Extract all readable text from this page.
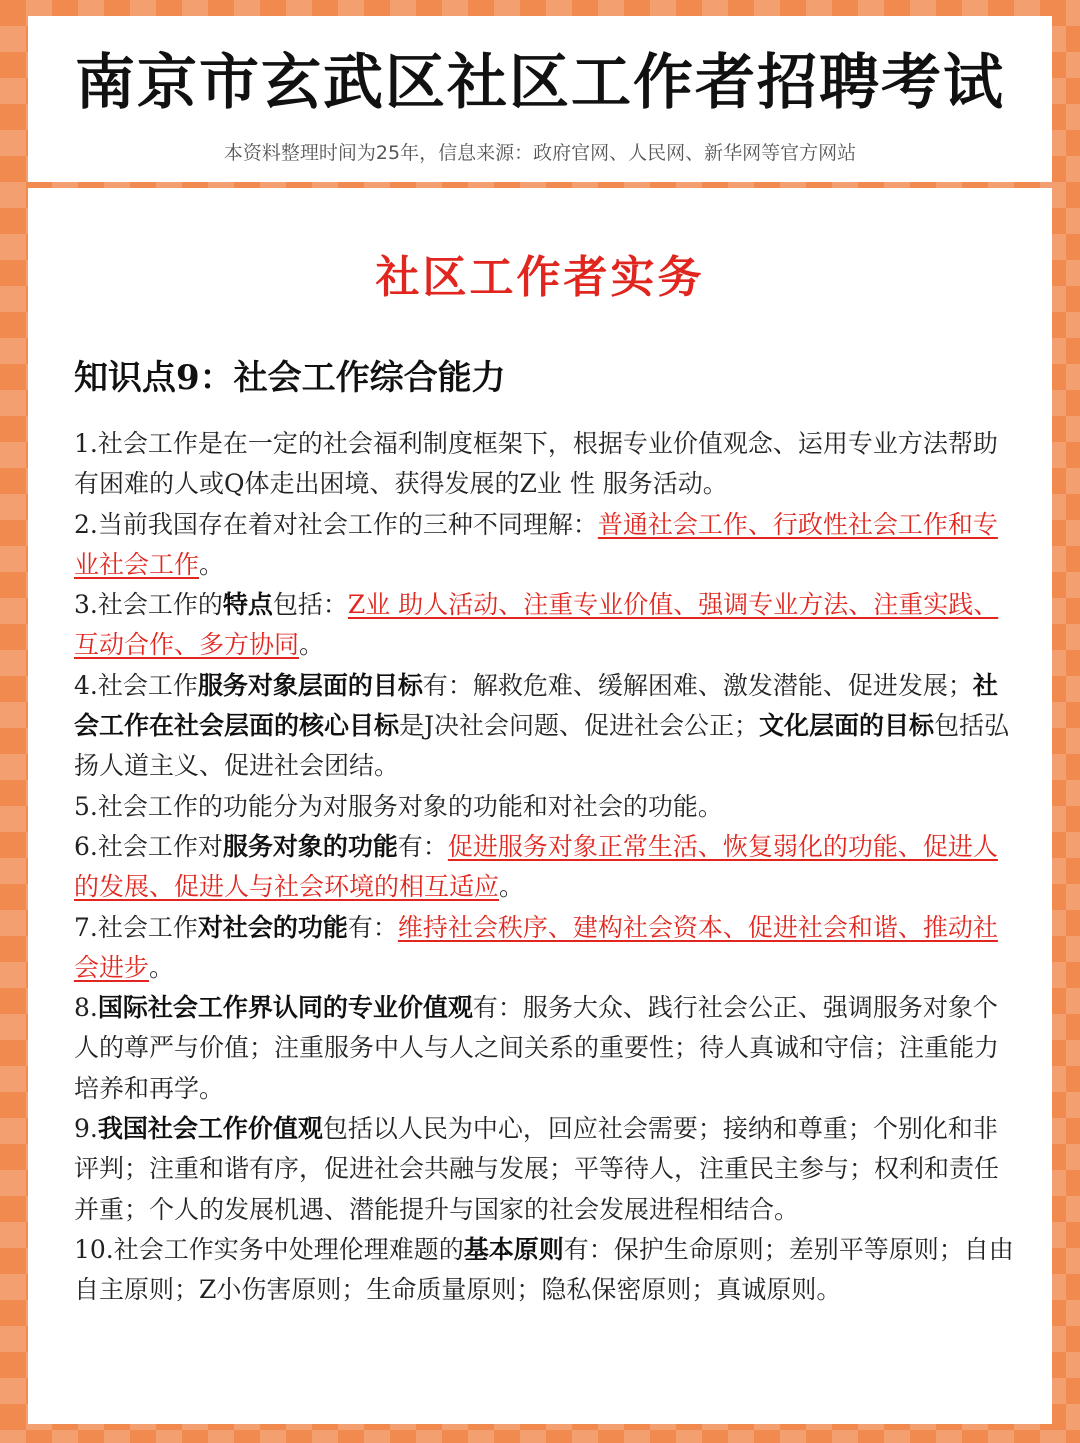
南京市玄武区社区工作者招聘考试
本资料整理时间为25年，信息来源：政府官网、人民网、新华网等官方网站
社区工作者实务
知识点9：社会工作综合能力
1.社会工作是在一定的社会福利制度框架下，根据专业价值观念、运用专业方法帮助有困难的人或Q体走出困境、获得发展的Z业 性 服务活动。
2.当前我国存在着对社会工作的三种不同理解：普通社会工作、行政性社会工作和专业社会工作。
3.社会工作的特点包括：Z业 助人活动、注重专业价值、强调专业方法、注重实践、互动合作、多方协同。
4.社会工作服务对象层面的目标有：解救危难、缓解困难、激发潜能、促进发展；社会工作在社会层面的核心目标是J决社会问题、促进社会公正；文化层面的目标包括弘扬人道主义、促进社会团结。
5.社会工作的功能分为对服务对象的功能和对社会的功能。
6.社会工作对服务对象的功能有：促进服务对象正常生活、恢复弱化的功能、促进人的发展、促进人与社会环境的相互适应。
7.社会工作对社会的功能有：维持社会秩序、建构社会资本、促进社会和谐、推动社会进步。
8.国际社会工作界认同的专业价值观有：服务大众、践行社会公正、强调服务对象个人的尊严与价值；注重服务中人与人之间关系的重要性；待人真诚和守信；注重能力培养和再学。
9.我国社会工作价值观包括以人民为中心，回应社会需要；接纳和尊重；个别化和非评判；注重和谐有序，促进社会共融与发展；平等待人，注重民主参与；权利和责任并重；个人的发展机遇、潜能提升与国家的社会发展进程相结合。
10.社会工作实务中处理伦理难题的基本原则有：保护生命原则；差别平等原则；自由自主原则；Z小伤害原则；生命质量原则；隐私保密原则；真诚原则。
